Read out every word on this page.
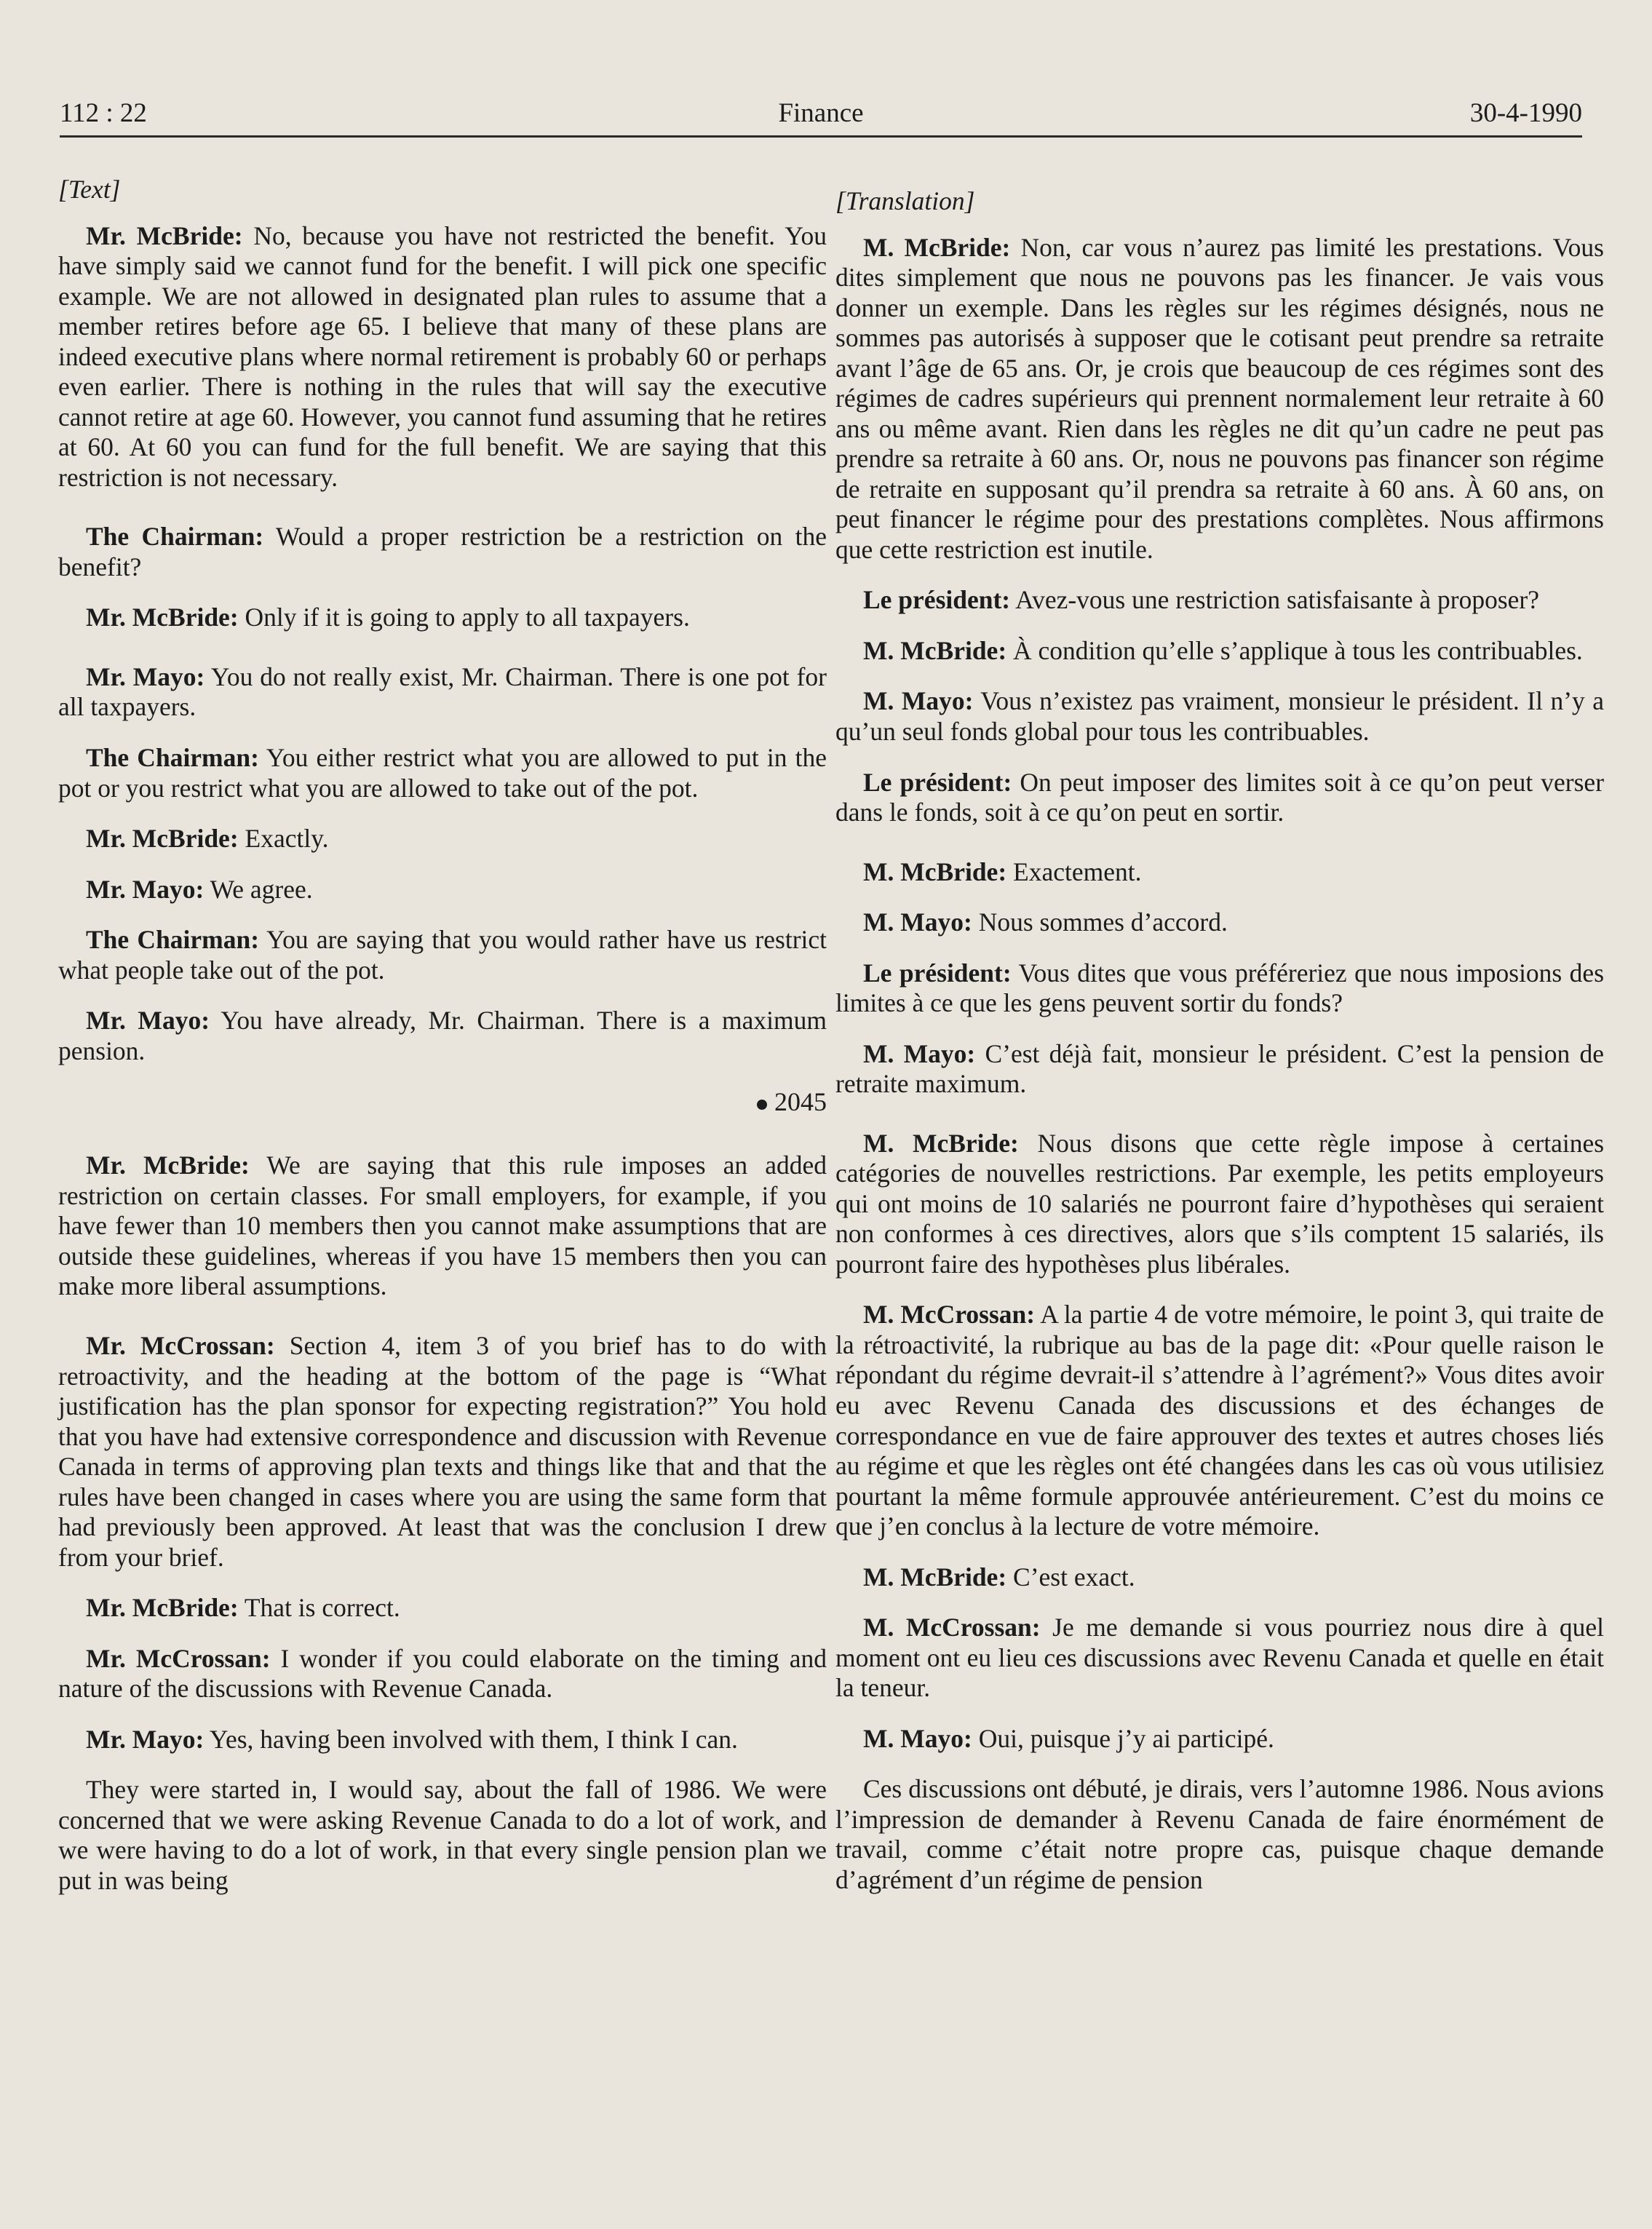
112 : 22	Finance	30-4-1990

[Text]

Mr. McBride: No, because you have not restricted the benefit. You have simply said we cannot fund for the benefit. I will pick one specific example. We are not allowed in designated plan rules to assume that a member retires before age 65. I believe that many of these plans are indeed executive plans where normal retirement is probably 60 or perhaps even earlier. There is nothing in the rules that will say the executive cannot retire at age 60. However, you cannot fund assuming that he retires at 60. At 60 you can fund for the full benefit. We are saying that this restriction is not necessary.

The Chairman: Would a proper restriction be a restriction on the benefit?

Mr. McBride: Only if it is going to apply to all taxpayers.

Mr. Mayo: You do not really exist, Mr. Chairman. There is one pot for all taxpayers.

The Chairman: You either restrict what you are allowed to put in the pot or you restrict what you are allowed to take out of the pot.

Mr. McBride: Exactly.

Mr. Mayo: We agree.

The Chairman: You are saying that you would rather have us restrict what people take out of the pot.

Mr. Mayo: You have already, Mr. Chairman. There is a maximum pension.

2045

Mr. McBride: We are saying that this rule imposes an added restriction on certain classes. For small employers, for example, if you have fewer than 10 members then you cannot make assumptions that are outside these guidelines, whereas if you have 15 members then you can make more liberal assumptions.

Mr. McCrossan: Section 4, item 3 of you brief has to do with retroactivity, and the heading at the bottom of the page is “What justification has the plan sponsor for expecting registration?” You hold that you have had extensive correspondence and discussion with Revenue Canada in terms of approving plan texts and things like that and that the rules have been changed in cases where you are using the same form that had previously been approved. At least that was the conclusion I drew from your brief.

Mr. McBride: That is correct.

Mr. McCrossan: I wonder if you could elaborate on the timing and nature of the discussions with Revenue Canada.

Mr. Mayo: Yes, having been involved with them, I think I can.

They were started in, I would say, about the fall of 1986. We were concerned that we were asking Revenue Canada to do a lot of work, and we were having to do a lot of work, in that every single pension plan we put in was being

[Translation]

M. McBride: Non, car vous n’aurez pas limité les prestations. Vous dites simplement que nous ne pouvons pas les financer. Je vais vous donner un exemple. Dans les règles sur les régimes désignés, nous ne sommes pas autorisés à supposer que le cotisant peut prendre sa retraite avant l’âge de 65 ans. Or, je crois que beaucoup de ces régimes sont des régimes de cadres supérieurs qui prennent normalement leur retraite à 60 ans ou même avant. Rien dans les règles ne dit qu’un cadre ne peut pas prendre sa retraite à 60 ans. Or, nous ne pouvons pas financer son régime de retraite en supposant qu’il prendra sa retraite à 60 ans. À 60 ans, on peut financer le régime pour des prestations complètes. Nous affirmons que cette restriction est inutile.

Le président: Avez-vous une restriction satisfaisante à proposer?

M. McBride: À condition qu’elle s’applique à tous les contribuables.

M. Mayo: Vous n’existez pas vraiment, monsieur le président. Il n’y a qu’un seul fonds global pour tous les contribuables.

Le président: On peut imposer des limites soit à ce qu’on peut verser dans le fonds, soit à ce qu’on peut en sortir.

M. McBride: Exactement.

M. Mayo: Nous sommes d’accord.

Le président: Vous dites que vous préféreriez que nous imposions des limites à ce que les gens peuvent sortir du fonds?

M. Mayo: C’est déjà fait, monsieur le président. C’est la pension de retraite maximum.

M. McBride: Nous disons que cette règle impose à certaines catégories de nouvelles restrictions. Par exemple, les petits employeurs qui ont moins de 10 salariés ne pourront faire d’hypothèses qui seraient non conformes à ces directives, alors que s’ils comptent 15 salariés, ils pourront faire des hypothèses plus libérales.

M. McCrossan: A la partie 4 de votre mémoire, le point 3, qui traite de la rétroactivité, la rubrique au bas de la page dit: «Pour quelle raison le répondant du régime devrait-il s’attendre à l’agrément?» Vous dites avoir eu avec Revenu Canada des discussions et des échanges de correspondance en vue de faire approuver des textes et autres choses liés au régime et que les règles ont été changées dans les cas où vous utilisiez pourtant la même formule approuvée antérieurement. C’est du moins ce que j’en conclus à la lecture de votre mémoire.

M. McBride: C’est exact.

M. McCrossan: Je me demande si vous pourriez nous dire à quel moment ont eu lieu ces discussions avec Revenu Canada et quelle en était la teneur.

M. Mayo: Oui, puisque j’y ai participé.

Ces discussions ont débuté, je dirais, vers l’automne 1986. Nous avions l’impression de demander à Revenu Canada de faire énormément de travail, comme c’était notre propre cas, puisque chaque demande d’agrément d’un régime de pension
